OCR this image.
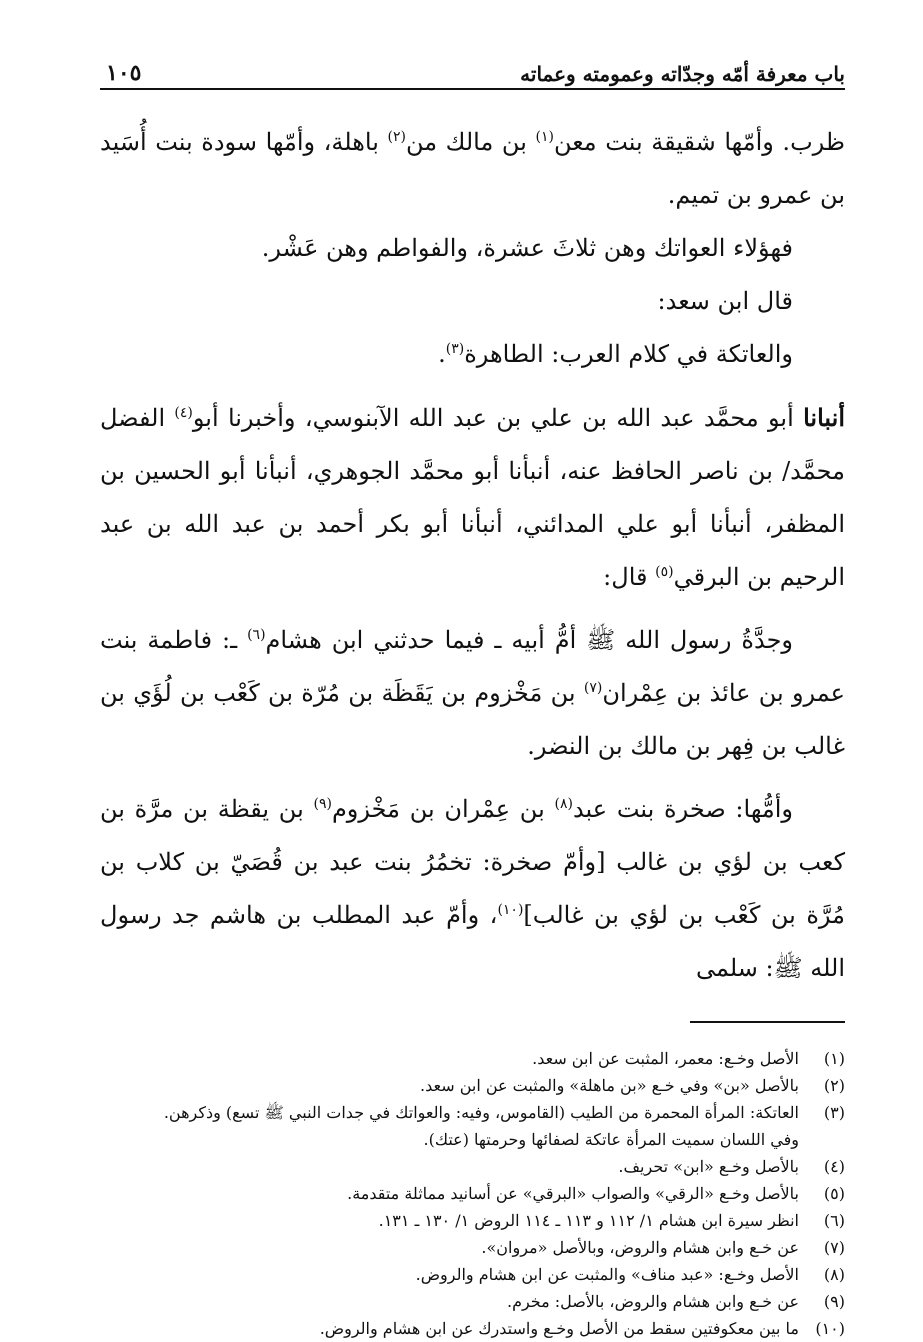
باب معرفة أمّه وجدّاته وعمومته وعماته
١٠٥

ظرب. وأمّها شقيقة بنت معن$^{(١)}$ بن مالك من$^{(٢)}$ باهلة، وأمّها سودة بنت أُسَيد بن عمرو بن تميم.

فهؤلاء العواتك وهن ثلاثَ عشرة، والفواطم وهن عَشْر.

قال ابن سعد:

والعاتكة في كلام العرب: الطاهرة$^{(٣)}$.

أنبانا أبو محمَّد عبد الله بن علي بن عبد الله الآبنوسي، وأخبرنا أبو$^{(٤)}$ الفضل محمَّد/ بن ناصر الحافظ عنه، أنبأنا أبو محمَّد الجوهري، أنبأنا أبو الحسين بن المظفر، أنبأنا أبو علي المدائني، أنبأنا أبو بكر أحمد بن عبد الله بن عبد الرحيم بن البرقي$^{(٥)}$ قال:

وجدَّةُ رسول الله ﷺ أمُّ أبيه ـ فيما حدثني ابن هشام$^{(٦)}$ ـ: فاطمة بنت عمرو بن عائذ بن عِمْران$^{(٧)}$ بن مَخْزوم بن يَقَظَة بن مُرّة بن كَعْب بن لُؤَي بن غالب بن فِهر بن مالك بن النضر.

وأمُّها: صخرة بنت عبد$^{(٨)}$ بن عِمْران بن مَخْزوم$^{(٩)}$ بن يقظة بن مرَّة بن كعب بن لؤي بن غالب [وأمّ صخرة: تخمُرُ بنت عبد بن قُصَيّ بن كلاب بن مُرَّة بن كَعْب بن لؤي بن غالب]$^{(١٠)}$، وأمّ عبد المطلب بن هاشم جد رسول الله ﷺ: سلمى

(١)
الأصل وخـع: معمر، المثبت عن ابن سعد.
(٢)
بالأصل «بن» وفي خـع «بن ماهلة» والمثبت عن ابن سعد.
(٣)
العاتكة: المرأة المحمرة من الطيب (القاموس، وفيه: والعواتك في جدات النبي ﷺ تسع) وذكرهن.
وفي اللسان سميت المرأة عاتكة لصفائها وحرمتها (عتك).
(٤)
بالأصل وخـع «ابن» تحريف.
(٥)
بالأصل وخـع «الرقي» والصواب «البرقي» عن أسانيد مماثلة متقدمة.
(٦)
انظر سيرة ابن هشام ١/ ١١٢ و ١١٣ ـ ١١٤ الروض ١/ ١٣٠ ـ ١٣١.
(٧)
عن خـع وابن هشام والروض، وبالأصل «مروان».
(٨)
الأصل وخـع: «عبد مناف» والمثبت عن ابن هشام والروض.
(٩)
عن خـع وابن هشام والروض، بالأصل: مخرم.
(١٠)
ما بين معكوفتين سقط من الأصل وخـع واستدرك عن ابن هشام والروض.
